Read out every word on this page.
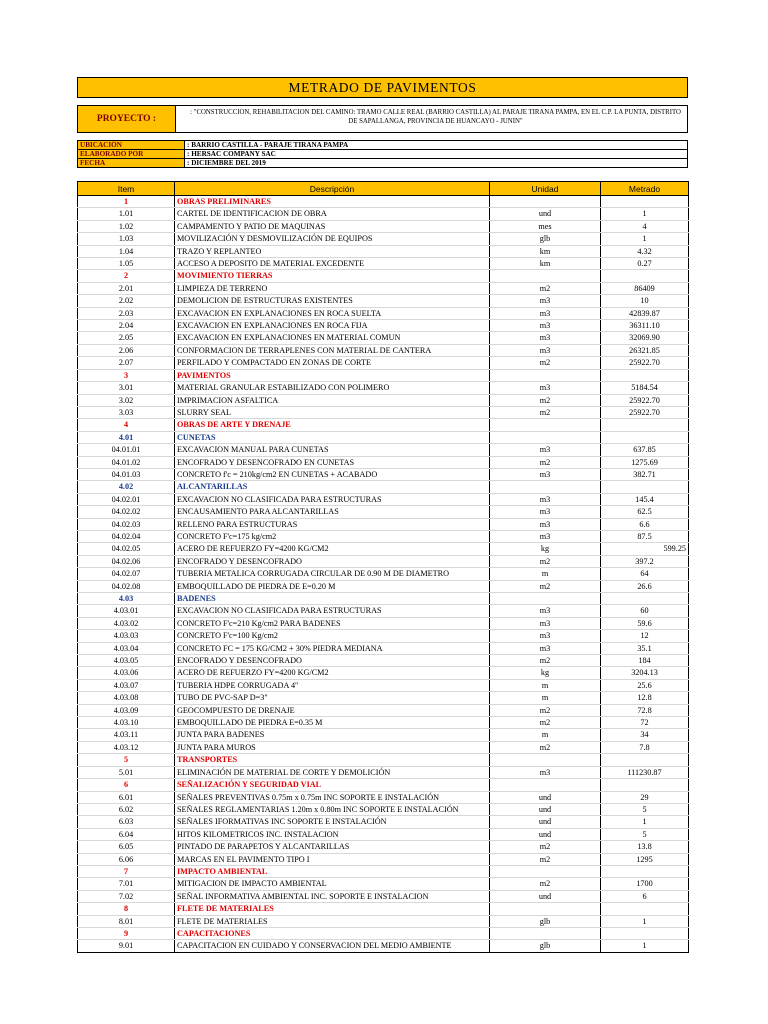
METRADO DE PAVIMENTOS
PROYECTO :
: "CONSTRUCCION, REHABILITACION DEL CAMINO: TRAMO CALLE REAL (BARRIO CASTILLA) AL PARAJE TIRANA PAMPA, EN EL C.P. LA PUNTA, DISTRITO DE SAPALLANGA, PROVINCIA DE HUANCAYO - JUNIN"
UBICACIÓN	: BARRIO CASTILLA - PARAJE TIRANA PAMPA
ELABORADO POR	: HERSAC COMPANY SAC
FECHA	: DICIEMBRE DEL 2019
Item	Descripción	Unidad	Metrado
1	OBRAS PRELIMINARES		
1.01	CARTEL DE IDENTIFICACION DE OBRA	und	1
1.02	CAMPAMENTO Y PATIO DE MAQUINAS	mes	4
1.03	MOVILIZACIÓN Y DESMOVILIZACIÓN DE EQUIPOS	glb	1
1.04	TRAZO Y REPLANTEO	km	4.32
1.05	ACCESO A DEPOSITO DE MATERIAL EXCEDENTE	km	0.27
2	MOVIMIENTO TIERRAS		
2.01	LIMPIEZA DE TERRENO	m2	86409
2.02	DEMOLICION DE ESTRUCTURAS EXISTENTES	m3	10
2.03	EXCAVACION EN EXPLANACIONES EN ROCA SUELTA	m3	42839.87
2.04	EXCAVACION EN EXPLANACIONES EN ROCA FIJA	m3	36311.10
2.05	EXCAVACION EN EXPLANACIONES EN MATERIAL COMUN	m3	32069.90
2.06	CONFORMACION DE TERRAPLENES CON MATERIAL DE CANTERA	m3	26321.85
2.07	PERFILADO Y COMPACTADO EN ZONAS DE CORTE	m2	25922.70
3	PAVIMENTOS		
3.01	MATERIAL GRANULAR ESTABILIZADO CON POLIMERO	m3	5184.54
3.02	IMPRIMACION ASFALTICA	m2	25922.70
3.03	SLURRY SEAL	m2	25922.70
4	OBRAS DE ARTE Y DRENAJE		
4.01	CUNETAS		
04.01.01	EXCAVACION MANUAL PARA CUNETAS	m3	637.85
04.01.02	ENCOFRADO Y DESENCOFRADO EN CUNETAS	m2	1275.69
04.01.03	CONCRETO f'c = 210kg/cm2 EN CUNETAS + ACABADO	m3	382.71
4.02	ALCANTARILLAS		
04.02.01	EXCAVACION NO CLASIFICADA PARA ESTRUCTURAS	m3	145.4
04.02.02	ENCAUSAMIENTO PARA ALCANTARILLAS	m3	62.5
04.02.03	RELLENO PARA ESTRUCTURAS	m3	6.6
04.02.04	CONCRETO F'c=175 kg/cm2	m3	87.5
04.02.05	ACERO DE REFUERZO FY=4200 KG/CM2	kg	599.25
04.02.06	ENCOFRADO Y DESENCOFRADO	m2	397.2
04.02.07	TUBERIA METALICA CORRUGADA CIRCULAR DE 0.90 M DE DIAMETRO	m	64
04.02.08	EMBOQUILLADO DE PIEDRA DE E=0.20 M	m2	26.6
4.03	BADENES		
4.03.01	EXCAVACION NO CLASIFICADA PARA ESTRUCTURAS	m3	60
4.03.02	CONCRETO F'c=210 Kg/cm2 PARA BADENES	m3	59.6
4.03.03	CONCRETO F'c=100 Kg/cm2	m3	12
4.03.04	CONCRETO FC = 175 KG/CM2 + 30% PIEDRA MEDIANA	m3	35.1
4.03.05	ENCOFRADO Y DESENCOFRADO	m2	184
4.03.06	ACERO DE REFUERZO FY=4200 KG/CM2	kg	3204.13
4.03.07	TUBERIA HDPE CORRUGADA 4"	m	25.6
4.03.08	TUBO DE PVC-SAP D=3"	m	12.8
4.03.09	GEOCOMPUESTO DE DRENAJE	m2	72.8
4.03.10	EMBOQUILLADO DE PIEDRA E=0.35 M	m2	72
4.03.11	JUNTA PARA BADENES	m	34
4.03.12	JUNTA PARA MUROS	m2	7.8
5	TRANSPORTES		
5.01	ELIMINACIÓN DE MATERIAL DE CORTE Y DEMOLICIÓN	m3	111230.87
6	SEÑALIZACIÓN Y SEGURIDAD VIAL		
6.01	SEÑALES PREVENTIVAS 0.75m x 0.75m INC SOPORTE E INSTALACIÓN	und	29
6.02	SEÑALES REGLAMENTARIAS 1.20m x 0.80m INC SOPORTE E INSTALACIÓN	und	5
6.03	SEÑALES IFORMATIVAS INC SOPORTE E INSTALACIÓN	und	1
6.04	HITOS KILOMETRICOS INC. INSTALACION	und	5
6.05	PINTADO DE PARAPETOS Y ALCANTARILLAS	m2	13.8
6.06	MARCAS EN EL PAVIMENTO TIPO I	m2	1295
7	IMPACTO AMBIENTAL		
7.01	MITIGACION DE IMPACTO AMBIENTAL	m2	1700
7.02	SEÑAL INFORMATIVA AMBIENTAL INC. SOPORTE E INSTALACION	und	6
8	FLETE DE MATERIALES		
8.01	FLETE DE MATERIALES	glb	1
9	CAPACITACIONES		
9.01	CAPACITACION EN CUIDADO Y CONSERVACION DEL MEDIO AMBIENTE	glb	1
